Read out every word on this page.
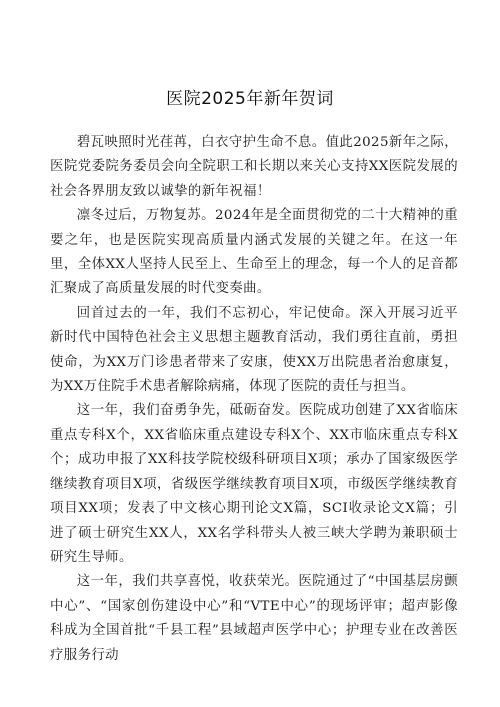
医院2025年新年贺词

碧瓦映照时光荏苒，白衣守护生命不息。值此2025新年之际，医院党委院务委员会向全院职工和长期以来关心支持XX医院发展的社会各界朋友致以诚挚的新年祝福！

凛冬过后，万物复苏。2024年是全面贯彻党的二十大精神的重要之年，也是医院实现高质量内涵式发展的关键之年。在这一年里，全体XX人坚持人民至上、生命至上的理念，每一个人的足音都汇聚成了高质量发展的时代变奏曲。

回首过去的一年，我们不忘初心，牢记使命。深入开展习近平新时代中国特色社会主义思想主题教育活动，我们勇往直前，勇担使命，为XX万门诊患者带来了安康，使XX万出院患者治愈康复，为XX万住院手术患者解除病痛，体现了医院的责任与担当。

这一年，我们奋勇争先，砥砺奋发。医院成功创建了XX省临床重点专科X个，XX省临床重点建设专科X个、XX市临床重点专科X个；成功申报了XX科技学院校级科研项目X项；承办了国家级医学继续教育项目X项，省级医学继续教育项目X项，市级医学继续教育项目XX项；发表了中文核心期刊论文X篇，SCI收录论文X篇；引进了硕士研究生XX人，XX名学科带头人被三峡大学聘为兼职硕士研究生导师。

这一年，我们共享喜悦，收获荣光。医院通过了“中国基层房颤中心”、“国家创伤建设中心”和“VTE中心”的现场评审；超声影像科成为全国首批“千县工程”县域超声医学中心；护理专业在改善医疗服务行动
